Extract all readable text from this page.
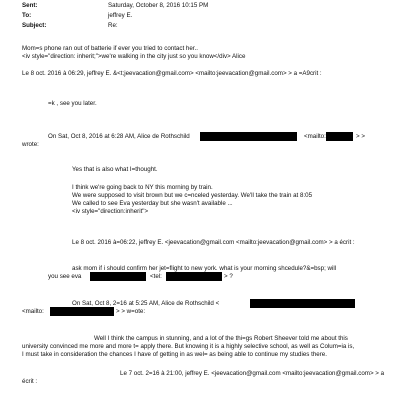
Sent:	Saturday, October 8, 2016 10:15 PM
To:	jeffrey E.
Subject:	Re:
Mom=s phone ran out of batterie if ever you tried to contact her..
<iv style="direction: inherit;">we're walking in the city just so you know</div> Alice
Le 8 oct. 2016 à 06:29, jeffrey E. &<t;jeevacation@gmail.com> <mailto:jeevacation@gmail.com> > a =A9crit :
=k , see you later.
On Sat, Oct 8, 2016 at 6:28 AM, Alice de Rothschild	<mailto:	> >
wrote:
Yes that is also what I=thought.
I think we're going back to NY this morning by train.
We were supposed to visit brown but we c=nceled yesterday. We'll take the train at 8:05
We called to see Eva yesterday but she wasn't available ...
<iv style="direction:inherit">
Le 8 oct. 2016 à=06:22, jeffrey E. <jeevacation@gmail.com <mailto:jeevacation@gmail.com> > a écrit :
ask mom if i should confirm her jet=flight to new york. what is your morning shcedule?&=bsp; will
you see eva	<tel:	> ?
On Sat, Oct 8, 2=16 at 5:25 AM, Alice de Rothschild <
<mailto:	> > w=ote:
Well I think the campus in stunning, and a lot of the thi=gs Robert Sheever told me about this
university convinced me more and more t= apply there. But knowing it is a highly selective school, as well as Colum=ia is,
I must take in consideration the chances I have of getting in as wel= as being able to continue my studies there.
Le 7 oct. 2=16 à 21:00, jeffrey E. <jeevacation@gmail.com <mailto:jeevacation@gmail.com> > a
écrit :
